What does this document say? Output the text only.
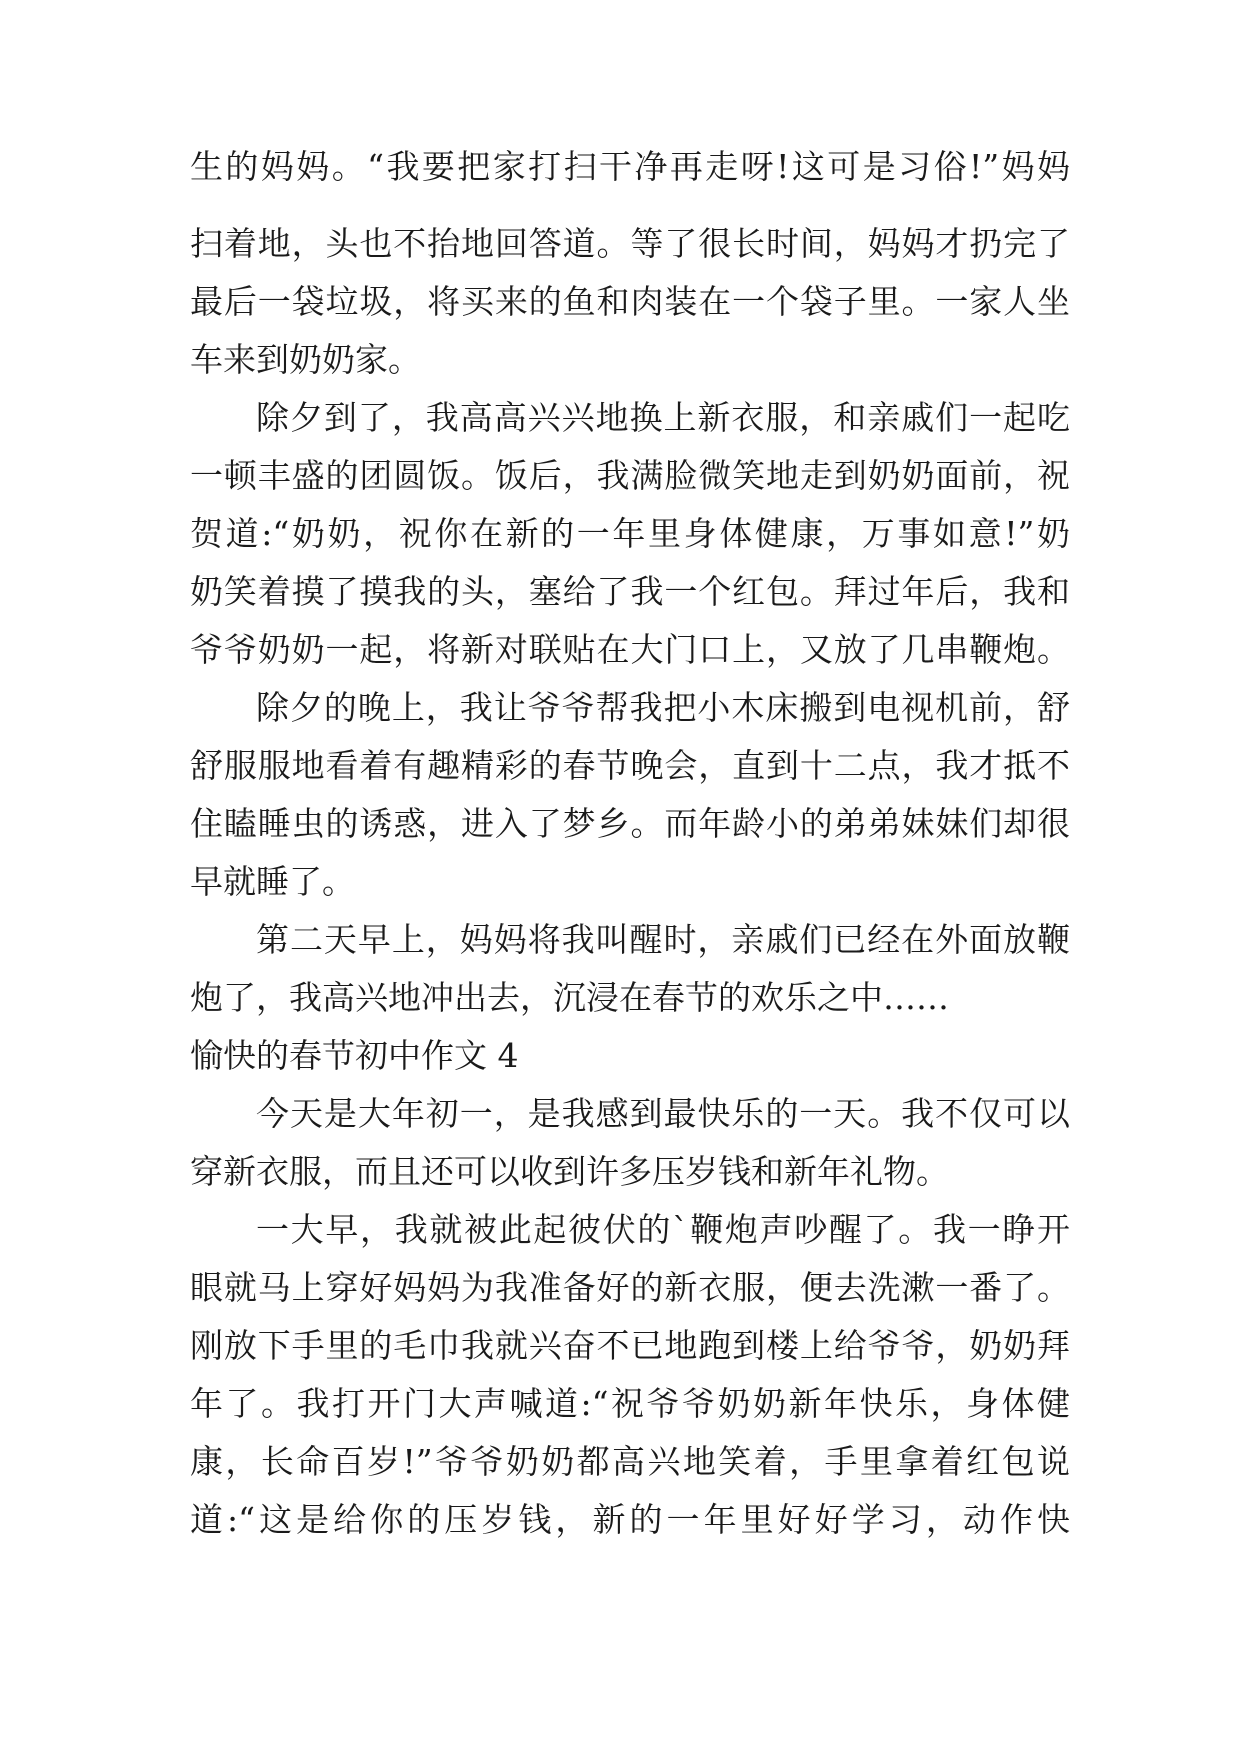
生的妈妈。“我要把家打扫干净再走呀!这可是习俗!”妈妈
扫着地，头也不抬地回答道。等了很长时间，妈妈才扔完了
最后一袋垃圾，将买来的鱼和肉装在一个袋子里。一家人坐
车来到奶奶家。
除夕到了，我高高兴兴地换上新衣服，和亲戚们一起吃
一顿丰盛的团圆饭。饭后，我满脸微笑地走到奶奶面前，祝
贺道:“奶奶，祝你在新的一年里身体健康，万事如意!”奶
奶笑着摸了摸我的头，塞给了我一个红包。拜过年后，我和
爷爷奶奶一起，将新对联贴在大门口上，又放了几串鞭炮。
除夕的晚上，我让爷爷帮我把小木床搬到电视机前，舒
舒服服地看着有趣精彩的春节晚会，直到十二点，我才抵不
住瞌睡虫的诱惑，进入了梦乡。而年龄小的弟弟妹妹们却很
早就睡了。
第二天早上，妈妈将我叫醒时，亲戚们已经在外面放鞭
炮了，我高兴地冲出去，沉浸在春节的欢乐之中……
愉快的春节初中作文 4
今天是大年初一，是我感到最快乐的一天。我不仅可以
穿新衣服，而且还可以收到许多压岁钱和新年礼物。
一大早，我就被此起彼伏的`鞭炮声吵醒了。我一睁开
眼就马上穿好妈妈为我准备好的新衣服，便去洗漱一番了。
刚放下手里的毛巾我就兴奋不已地跑到楼上给爷爷，奶奶拜
年了。我打开门大声喊道:“祝爷爷奶奶新年快乐，身体健
康，长命百岁!”爷爷奶奶都高兴地笑着，手里拿着红包说
道:“这是给你的压岁钱，新的一年里好好学习，动作快
